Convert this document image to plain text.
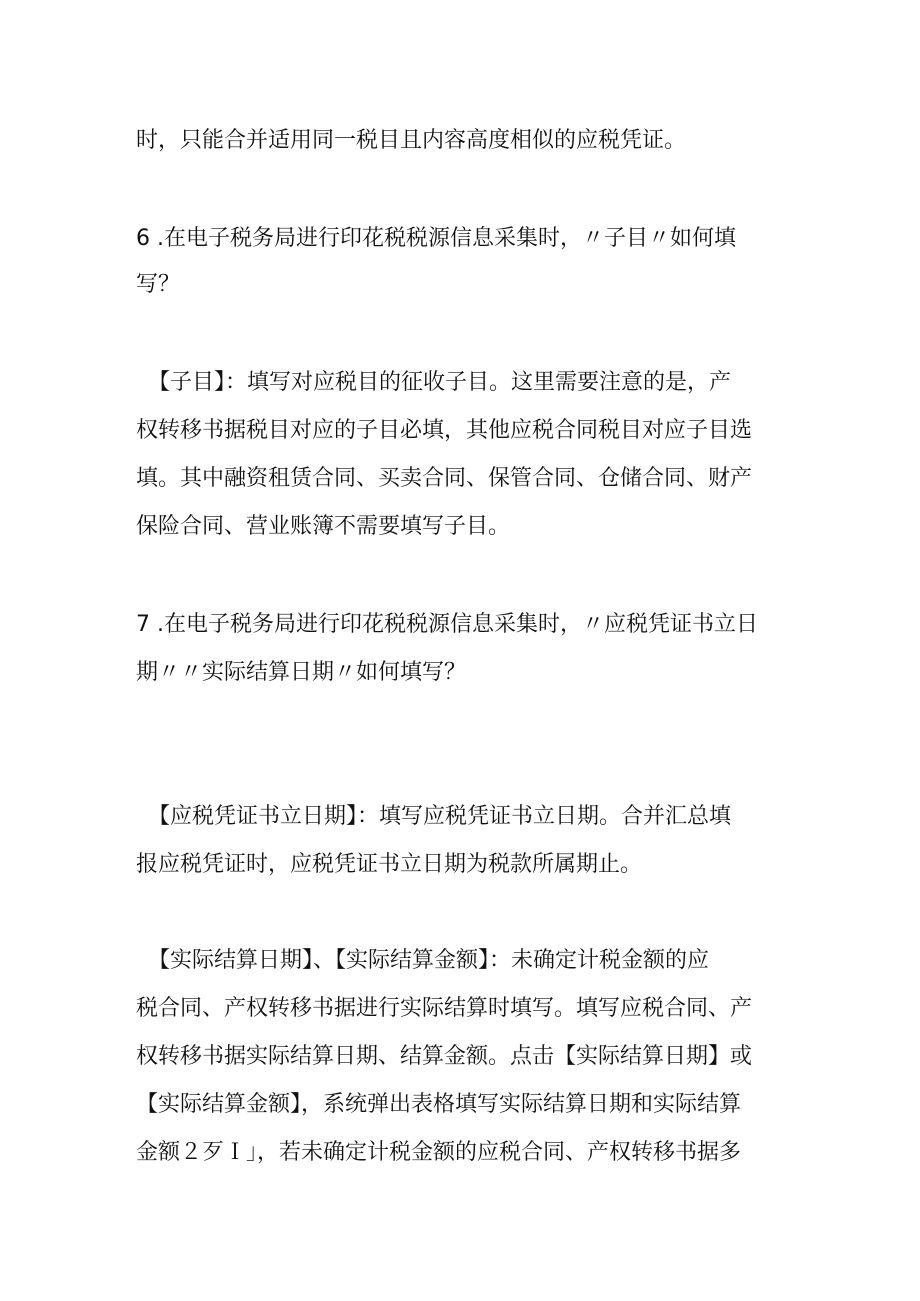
时，只能合并适用同一税目且内容高度相似的应税凭证。
6 .在电子税务局进行印花税税源信息采集时，〃子目〃如何填
写？
【子目】：填写对应税目的征收子目。这里需要注意的是，产
权转移书据税目对应的子目必填，其他应税合同税目对应子目选
填。其中融资租赁合同、买卖合同、保管合同、仓储合同、财产
保险合同、营业账簿不需要填写子目。
7 .在电子税务局进行印花税税源信息采集时，〃应税凭证书立日
期〃〃实际结算日期〃如何填写？
【应税凭证书立日期】：填写应税凭证书立日期。合并汇总填
报应税凭证时，应税凭证书立日期为税款所属期止。
【实际结算日期】、【实际结算金额】：未确定计税金额的应
税合同、产权转移书据进行实际结算时填写。填写应税合同、产
权转移书据实际结算日期、结算金额。点击【实际结算日期】或
【实际结算金额】，系统弹出表格填写实际结算日期和实际结算
金额２歹Ｉ」，若未确定计税金额的应税合同、产权转移书据多
